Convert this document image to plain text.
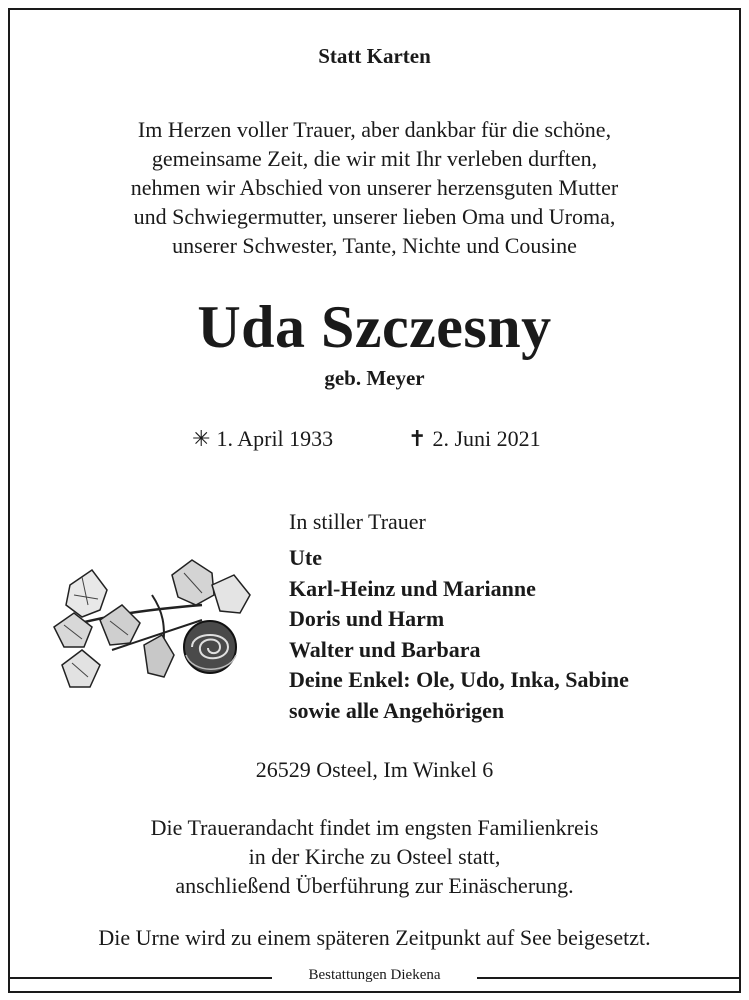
Statt Karten
Im Herzen voller Trauer, aber dankbar für die schöne,
gemeinsame Zeit, die wir mit Ihr verleben durften,
nehmen wir Abschied von unserer herzensguten Mutter
und Schwiegermutter, unserer lieben Oma und Uroma,
unserer Schwester, Tante, Nichte und Cousine
Uda Szczesny
geb. Meyer
✳ 1. April 1933	✝ 2. Juni 2021
In stiller Trauer
Ute
Karl-Heinz und Marianne
Doris und Harm
Walter und Barbara
Deine Enkel: Ole, Udo, Inka, Sabine
sowie alle Angehörigen
26529 Osteel, Im Winkel 6
Die Trauerandacht findet im engsten Familienkreis
in der Kirche zu Osteel statt,
anschließend Überführung zur Einäscherung.
Die Urne wird zu einem späteren Zeitpunkt auf See beigesetzt.
Bestattungen Diekena
